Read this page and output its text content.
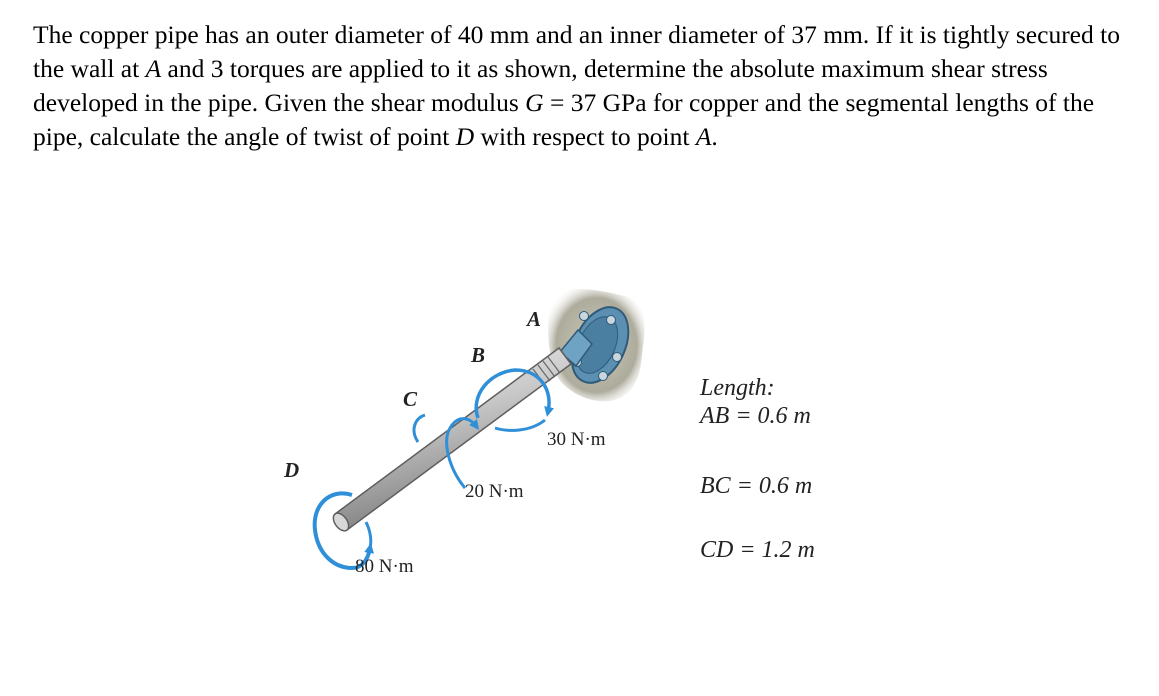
The copper pipe has an outer diameter of 40 mm and an inner diameter of 37 mm. If it is tightly secured to the wall at A and 3 torques are applied to it as shown, determine the absolute maximum shear stress developed in the pipe. Given the shear modulus G = 37 GPa for copper and the segmental lengths of the pipe, calculate the angle of twist of point D with respect to point A.

A
B
C
D
30 N·m
20 N·m
80 N·m
Length:
AB = 0.6 m
BC = 0.6 m
CD = 1.2 m
